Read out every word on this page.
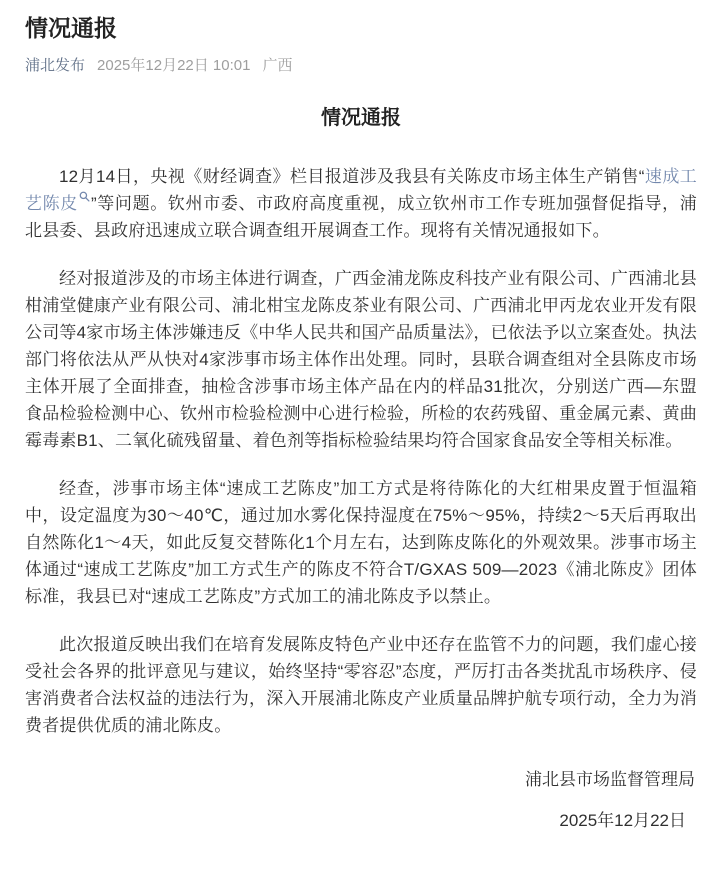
情况通报
浦北发布 2025年12月22日 10:01 广西
情况通报

12月14日，央视《财经调查》栏目报道涉及我县有关陈皮市场主体生产销售“速成工艺陈皮 ”等问题。钦州市委、市政府高度重视，成立钦州市工作专班加强督促指导，浦北县委、县政府迅速成立联合调查组开展调查工作。现将有关情况通报如下。

经对报道涉及的市场主体进行调查，广西金浦龙陈皮科技产业有限公司、广西浦北县柑浦堂健康产业有限公司、浦北柑宝龙陈皮茶业有限公司、广西浦北甲丙龙农业开发有限公司等4家市场主体涉嫌违反《中华人民共和国产品质量法》，已依法予以立案查处。执法部门将依法从严从快对4家涉事市场主体作出处理。同时，县联合调查组对全县陈皮市场主体开展了全面排查，抽检含涉事市场主体产品在内的样品31批次，分别送广西—东盟食品检验检测中心、钦州市检验检测中心进行检验，所检的农药残留、重金属元素、黄曲霉毒素B1、二氧化硫残留量、着色剂等指标检验结果均符合国家食品安全等相关标准。

经查，涉事市场主体“速成工艺陈皮”加工方式是将待陈化的大红柑果皮置于恒温箱中，设定温度为30～40℃，通过加水雾化保持湿度在75%～95%，持续2～5天后再取出自然陈化1～4天，如此反复交替陈化1个月左右，达到陈皮陈化的外观效果。涉事市场主体通过“速成工艺陈皮”加工方式生产的陈皮不符合T/GXAS 509—2023《浦北陈皮》团体标准，我县已对“速成工艺陈皮”方式加工的浦北陈皮予以禁止。

此次报道反映出我们在培育发展陈皮特色产业中还存在监管不力的问题，我们虚心接受社会各界的批评意见与建议，始终坚持“零容忍”态度，严厉打击各类扰乱市场秩序、侵害消费者合法权益的违法行为，深入开展浦北陈皮产业质量品牌护航专项行动，全力为消费者提供优质的浦北陈皮。

浦北县市场监督管理局
2025年12月22日
